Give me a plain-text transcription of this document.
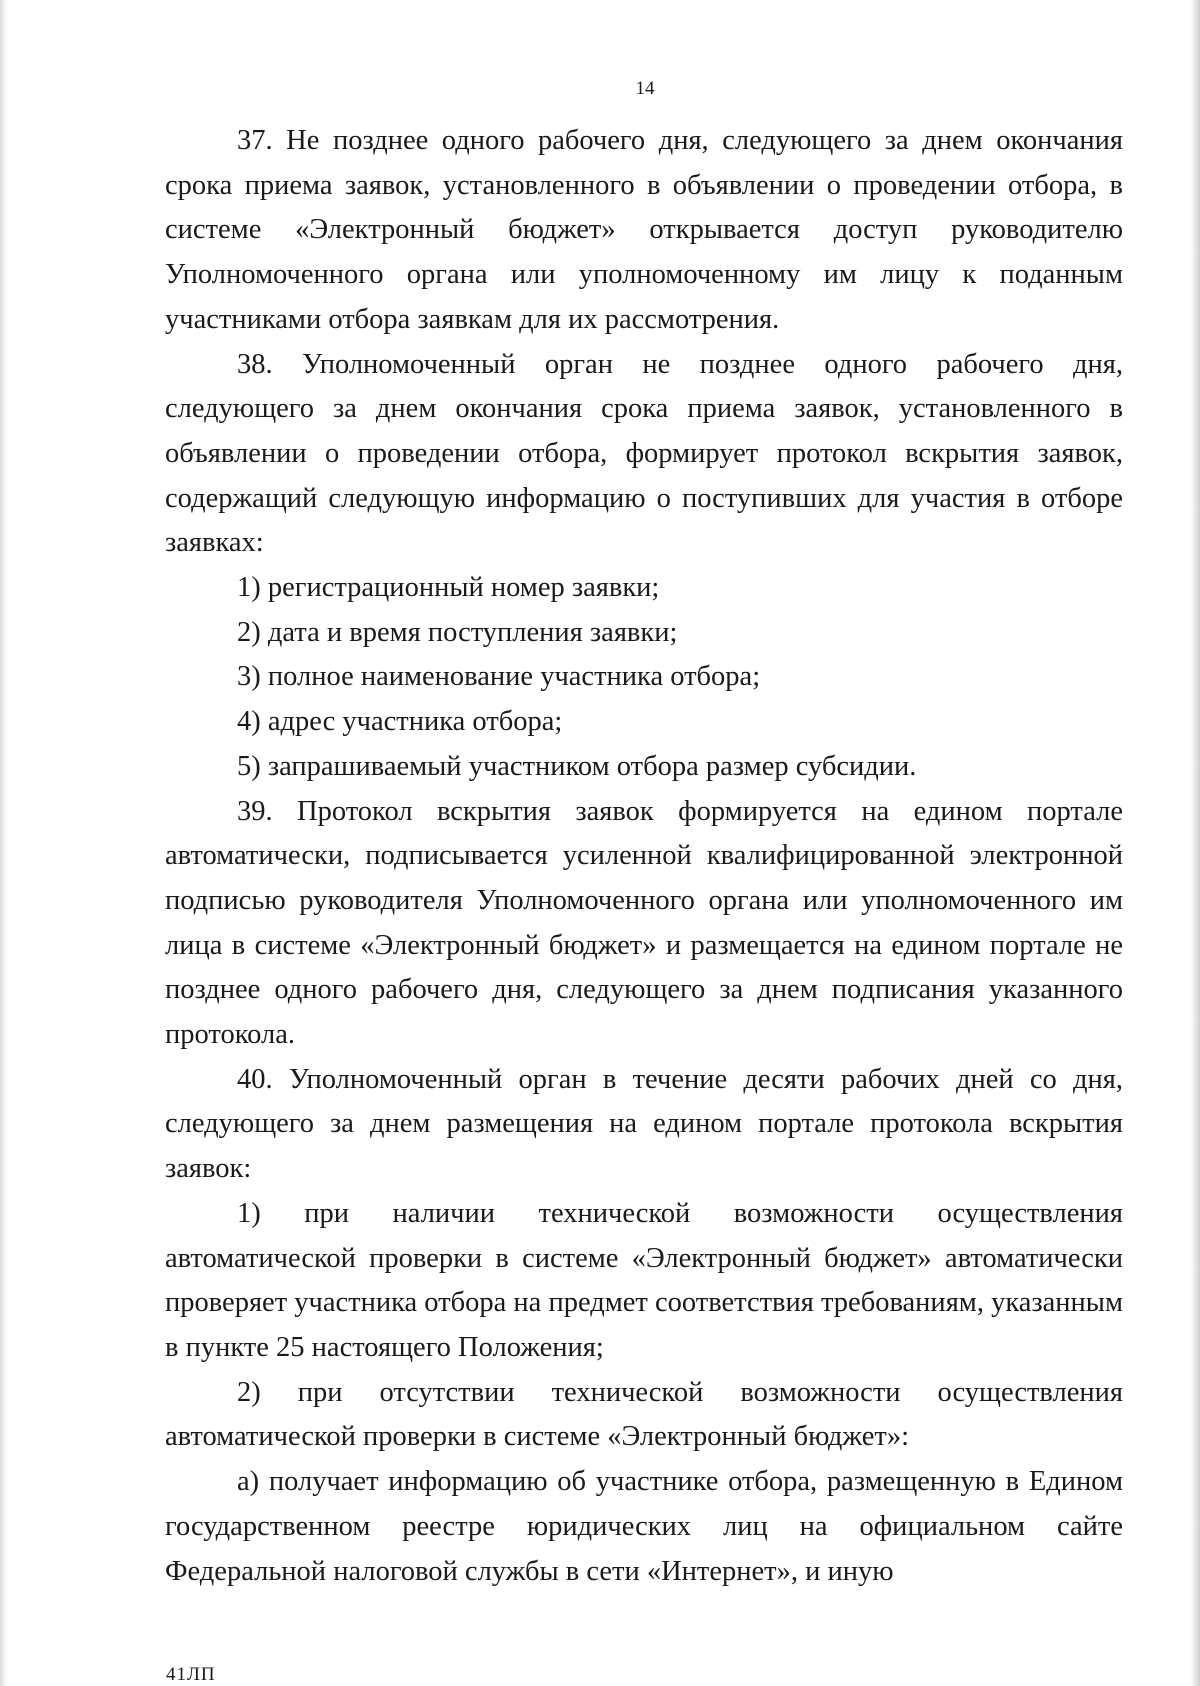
14

37. Не позднее одного рабочего дня, следующего за днем окончания срока приема заявок, установленного в объявлении о проведении отбора, в системе «Электронный бюджет» открывается доступ руководителю Уполномоченного органа или уполномоченному им лицу к поданным участниками отбора заявкам для их рассмотрения.

38. Уполномоченный орган не позднее одного рабочего дня, следующего за днем окончания срока приема заявок, установленного в объявлении о проведении отбора, формирует протокол вскрытия заявок, содержащий следующую информацию о поступивших для участия в отборе заявках:

1) регистрационный номер заявки;

2) дата и время поступления заявки;

3) полное наименование участника отбора;

4) адрес участника отбора;

5) запрашиваемый участником отбора размер субсидии.

39. Протокол вскрытия заявок формируется на едином портале автоматически, подписывается усиленной квалифицированной электронной подписью руководителя Уполномоченного органа или уполномоченного им лица в системе «Электронный бюджет» и размещается на едином портале не позднее одного рабочего дня, следующего за днем подписания указанного протокола.

40. Уполномоченный орган в течение десяти рабочих дней со дня, следующего за днем размещения на едином портале протокола вскрытия заявок:

1) при наличии технической возможности осуществления автоматической проверки в системе «Электронный бюджет» автоматически проверяет участника отбора на предмет соответствия требованиям, указанным в пункте 25 настоящего Положения;

2) при отсутствии технической возможности осуществления автоматической проверки в системе «Электронный бюджет»:

а) получает информацию об участнике отбора, размещенную в Едином государственном реестре юридических лиц на официальном сайте Федеральной налоговой службы в сети «Интернет», и иную

41ЛП
